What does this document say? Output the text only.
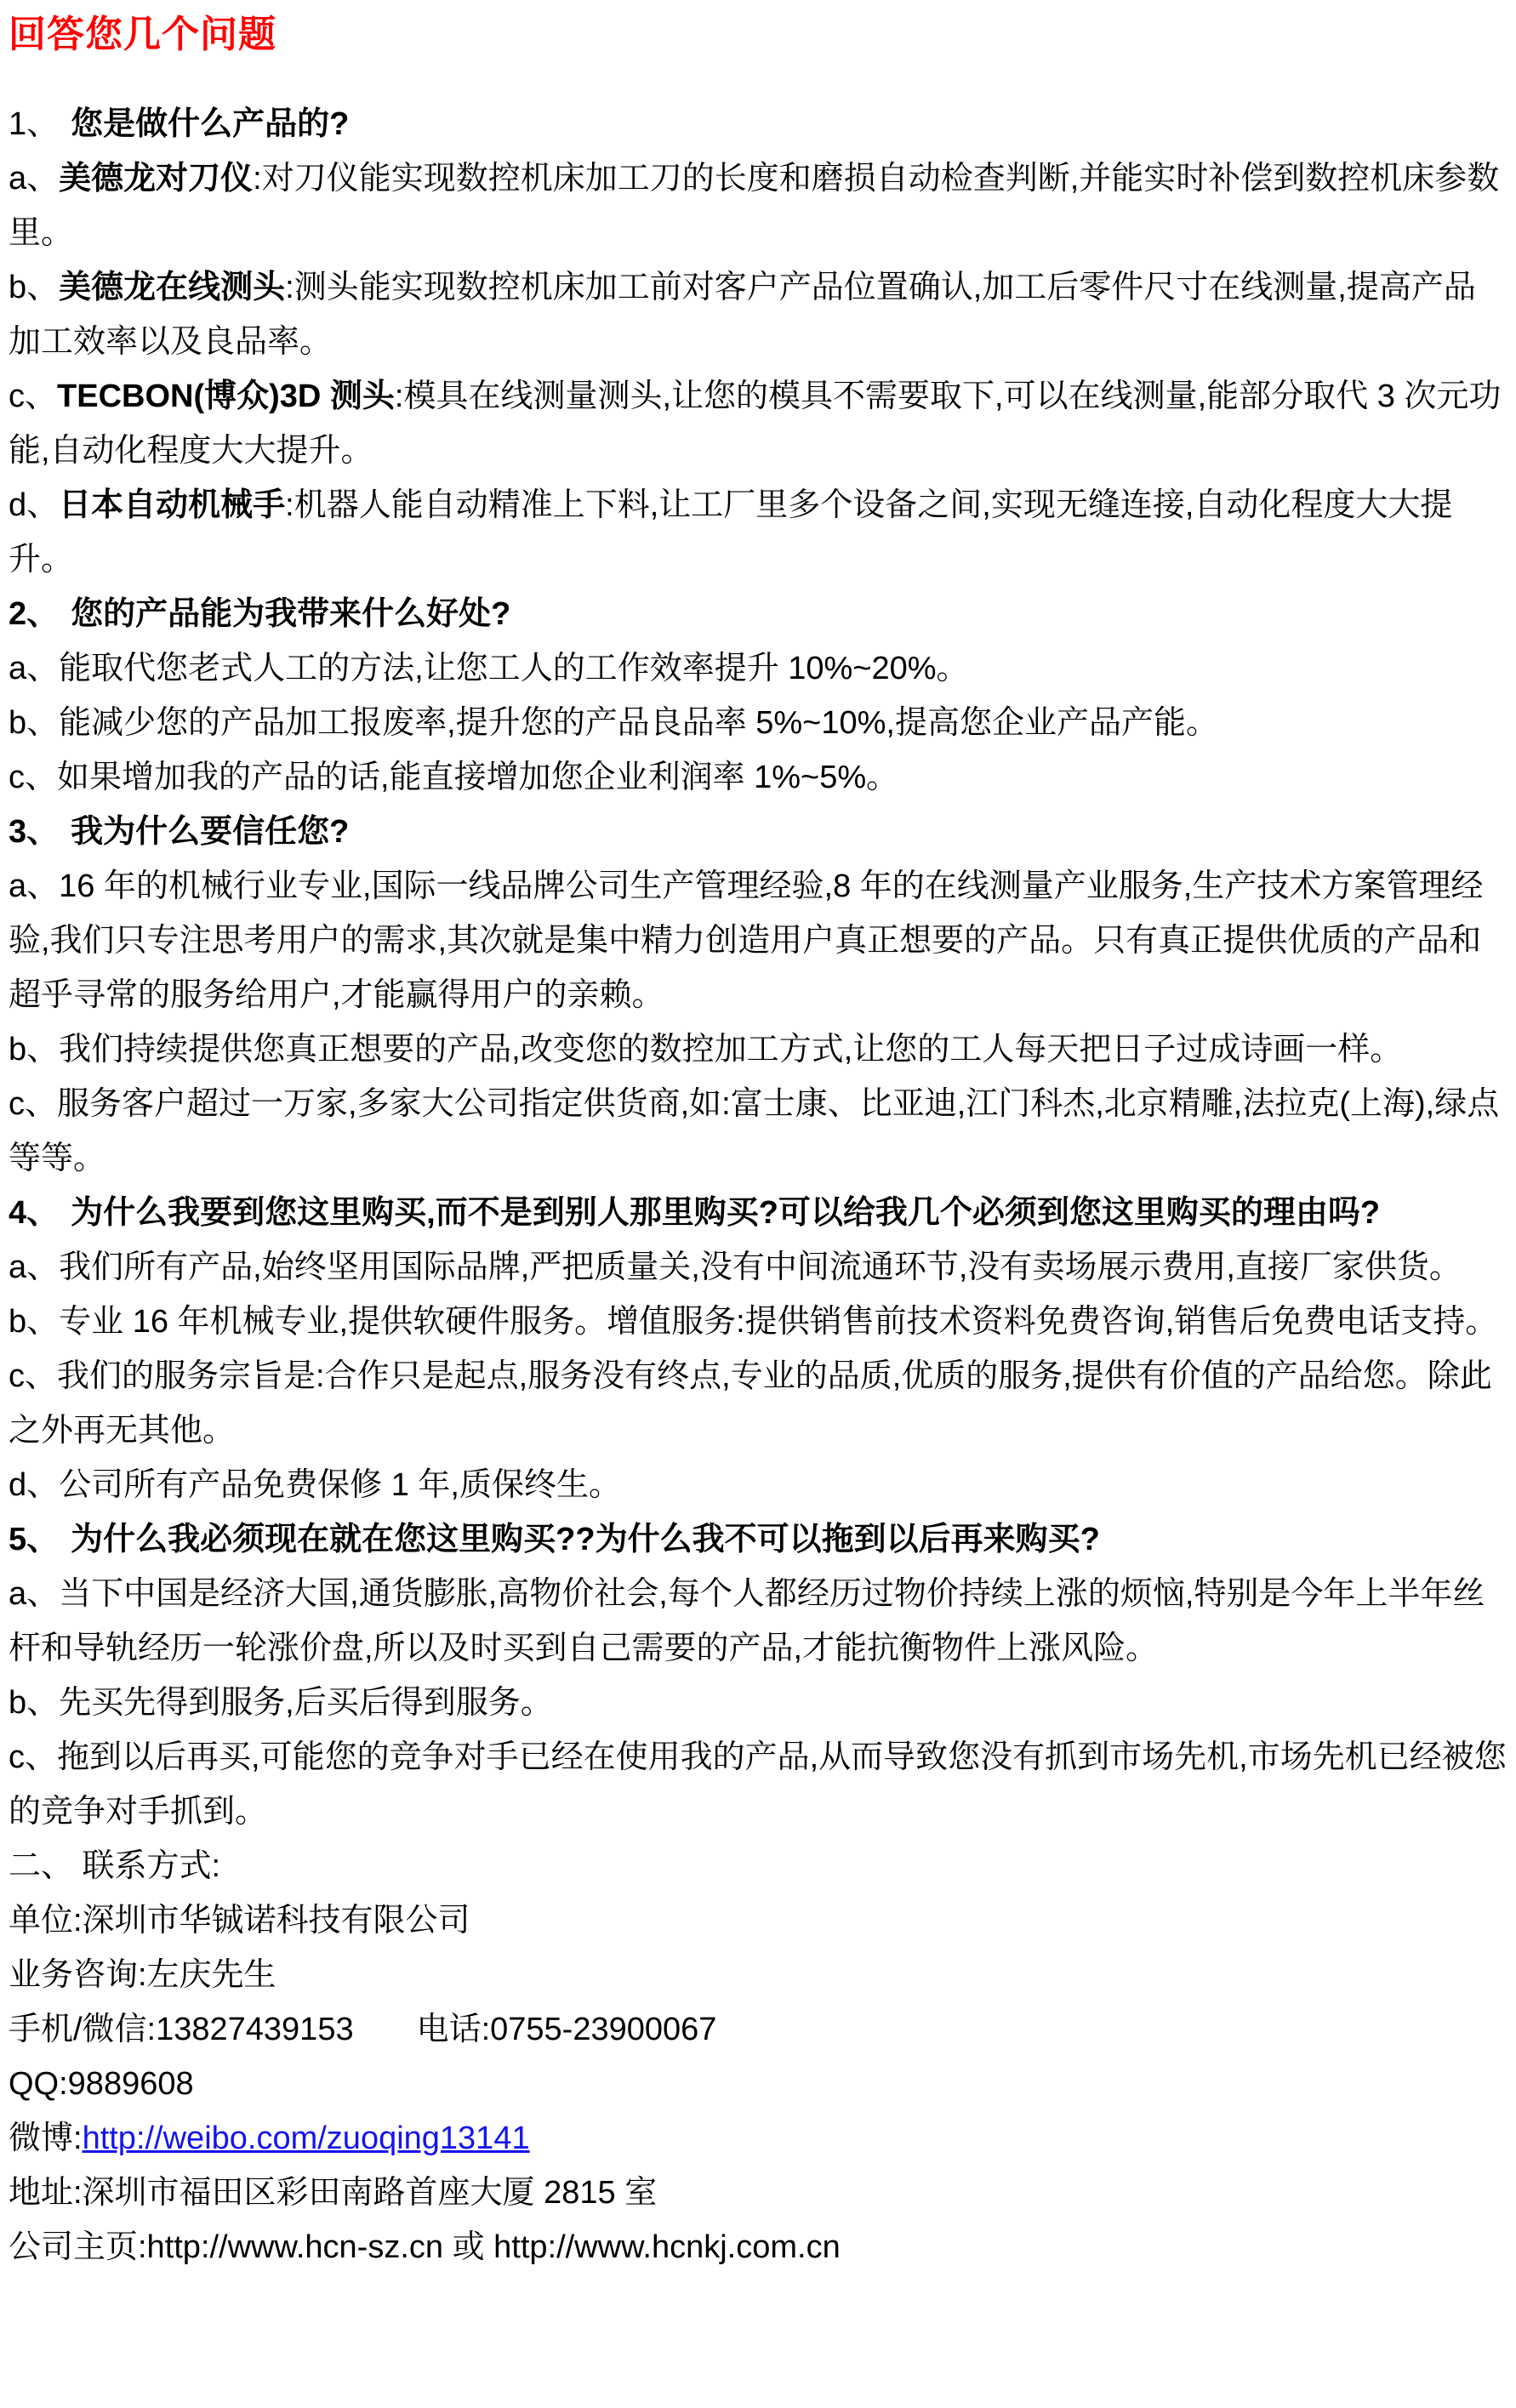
回答您几个问题

1、 您是做什么产品的?

a、美德龙对刀仪:对刀仪能实现数控机床加工刀的长度和磨损自动检查判断,并能实时补偿到数控机床参数里。

b、美德龙在线测头:测头能实现数控机床加工前对客户产品位置确认,加工后零件尺寸在线测量,提高产品加工效率以及良品率。

c、TECBON(博众)3D 测头:模具在线测量测头,让您的模具不需要取下,可以在线测量,能部分取代 3 次元功能,自动化程度大大提升。

d、日本自动机械手:机器人能自动精准上下料,让工厂里多个设备之间,实现无缝连接,自动化程度大大提升。

2、 您的产品能为我带来什么好处?

a、能取代您老式人工的方法,让您工人的工作效率提升 10%~20%。

b、能减少您的产品加工报废率,提升您的产品良品率 5%~10%,提高您企业产品产能。

c、如果增加我的产品的话,能直接增加您企业利润率 1%~5%。

3、 我为什么要信任您?

a、16 年的机械行业专业,国际一线品牌公司生产管理经验,8 年的在线测量产业服务,生产技术方案管理经验,我们只专注思考用户的需求,其次就是集中精力创造用户真正想要的产品。只有真正提供优质的产品和超乎寻常的服务给用户,才能赢得用户的亲赖。

b、我们持续提供您真正想要的产品,改变您的数控加工方式,让您的工人每天把日子过成诗画一样。

c、服务客户超过一万家,多家大公司指定供货商,如:富士康、比亚迪,江门科杰,北京精雕,法拉克(上海),绿点等等。

4、 为什么我要到您这里购买,而不是到别人那里购买?可以给我几个必须到您这里购买的理由吗?

a、我们所有产品,始终坚用国际品牌,严把质量关,没有中间流通环节,没有卖场展示费用,直接厂家供货。

b、专业 16 年机械专业,提供软硬件服务。增值服务:提供销售前技术资料免费咨询,销售后免费电话支持。

c、我们的服务宗旨是:合作只是起点,服务没有终点,专业的品质,优质的服务,提供有价值的产品给您。除此之外再无其他。

d、公司所有产品免费保修 1 年,质保终生。

5、 为什么我必须现在就在您这里购买??为什么我不可以拖到以后再来购买?

a、当下中国是经济大国,通货膨胀,高物价社会,每个人都经历过物价持续上涨的烦恼,特别是今年上半年丝杆和导轨经历一轮涨价盘,所以及时买到自己需要的产品,才能抗衡物件上涨风险。

b、先买先得到服务,后买后得到服务。

c、拖到以后再买,可能您的竞争对手已经在使用我的产品,从而导致您没有抓到市场先机,市场先机已经被您的竞争对手抓到。

二、 联系方式:

单位:深圳市华铖诺科技有限公司

业务咨询:左庆先生

手机/微信:13827439153 电话:0755-23900067

QQ:9889608

微博:http://weibo.com/zuoqing13141

地址:深圳市福田区彩田南路首座大厦 2815 室

公司主页:http://www.hcn-sz.cn 或 http://www.hcnkj.com.cn
